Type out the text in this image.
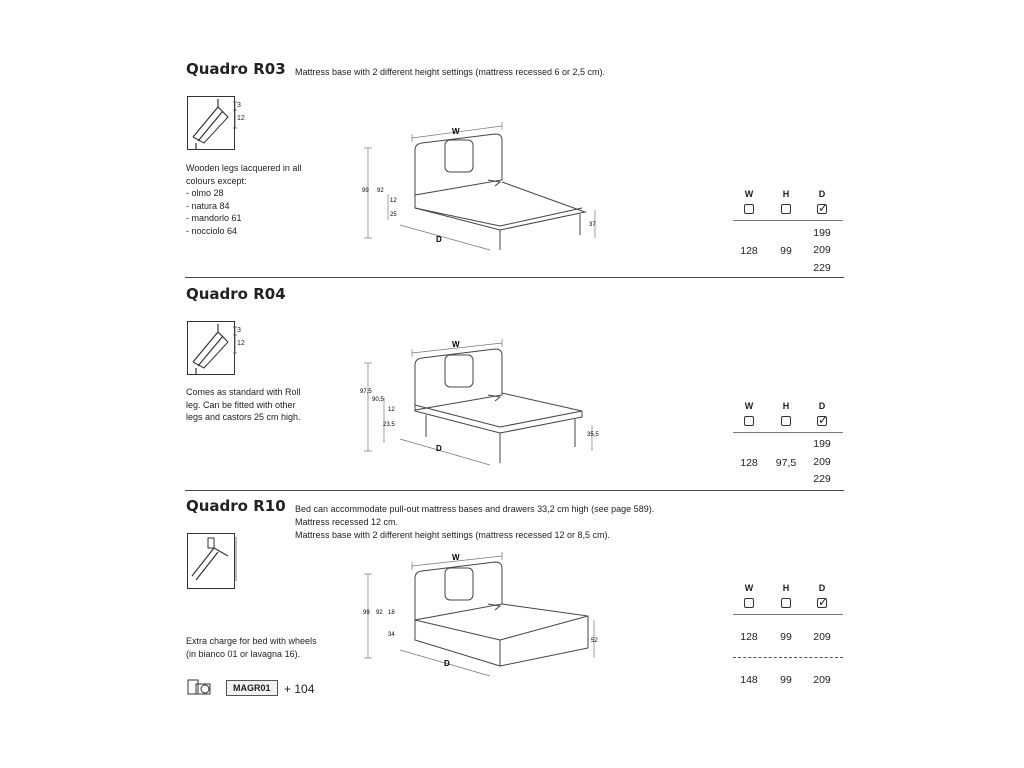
Quadro R03 Mattress base with 2 different height settings (mattress recessed 6 or 2,5 cm).
3
12
Wooden legs lacquered in all
colours except:
- olmo 28
- natura 84
- mandorlo 61
- nocciolo 64
W
D
99 92
12
25
37
W	H	D
✓
199
128	99	209
229
Quadro R04
3
12
Comes as standard with Roll
leg. Can be fitted with other
legs and castors 25 cm high.
W
D
97,5
90,5
12
23,5
35,5
W	H	D
✓
199
128	97,5	209
229
Quadro R10 Bed can accommodate pull-out mattress bases and drawers 33,2 cm high (see page 589).
Mattress recessed 12 cm.
Mattress base with 2 different height settings (mattress recessed 12 or 8,5 cm).
Extra charge for bed with wheels
(in bianco 01 or lavagna 16).
MAGR01	+ 104
W
D
99 92 18
34
52
W	H	D
✓
128	99	209
148	99	209
